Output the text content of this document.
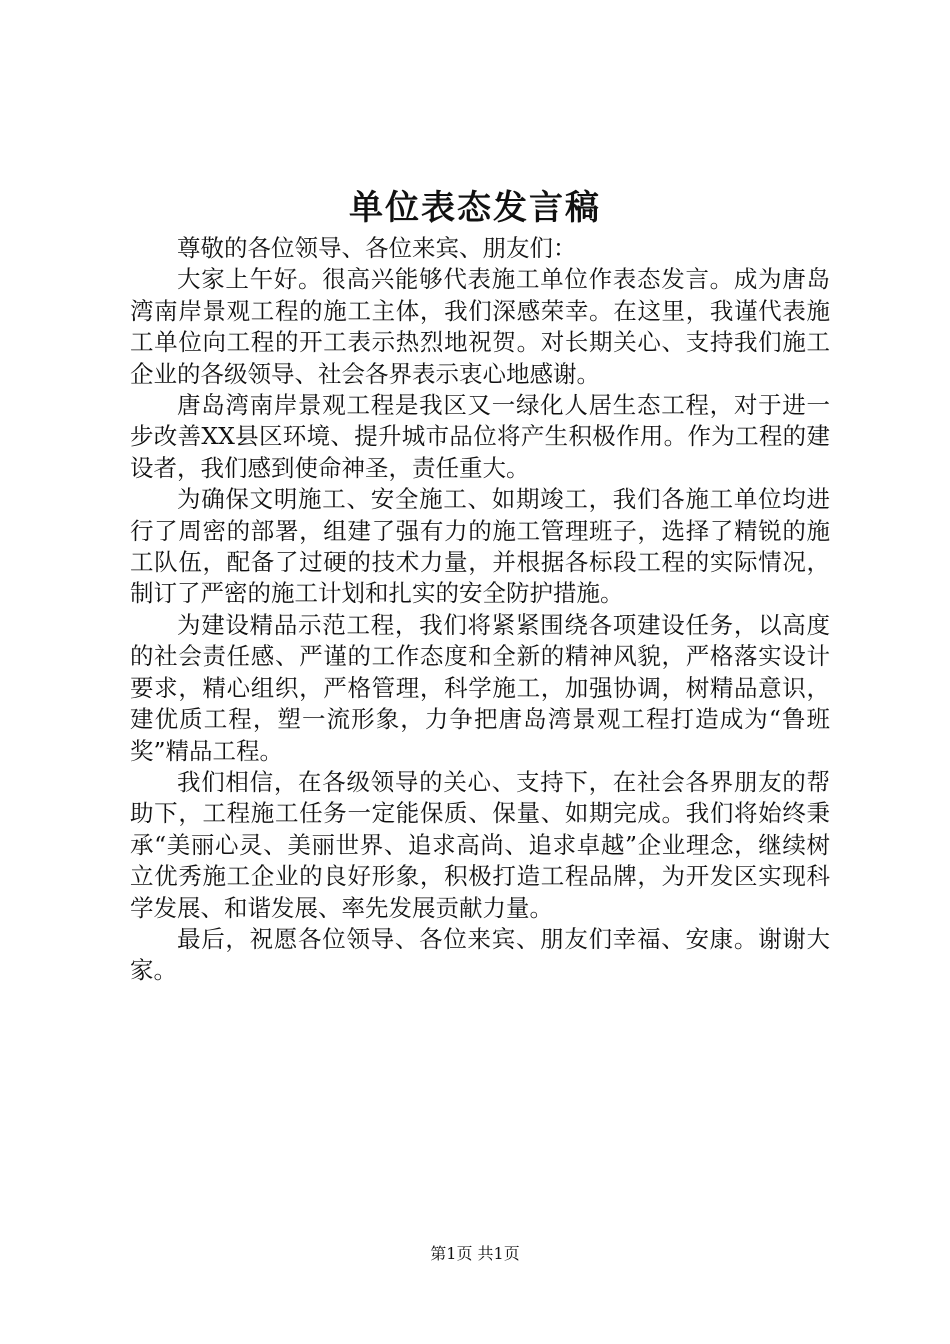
单位表态发言稿

尊敬的各位领导、各位来宾、朋友们：

大家上午好。很高兴能够代表施工单位作表态发言。成为唐岛湾南岸景观工程的施工主体，我们深感荣幸。在这里，我谨代表施工单位向工程的开工表示热烈地祝贺。对长期关心、支持我们施工企业的各级领导、社会各界表示衷心地感谢。

唐岛湾南岸景观工程是我区又一绿化人居生态工程，对于进一步改善XX县区环境、提升城市品位将产生积极作用。作为工程的建设者，我们感到使命神圣，责任重大。

为确保文明施工、安全施工、如期竣工，我们各施工单位均进行了周密的部署，组建了强有力的施工管理班子，选择了精锐的施工队伍，配备了过硬的技术力量，并根据各标段工程的实际情况，制订了严密的施工计划和扎实的安全防护措施。

为建设精品示范工程，我们将紧紧围绕各项建设任务，以高度的社会责任感、严谨的工作态度和全新的精神风貌，严格落实设计要求，精心组织，严格管理，科学施工，加强协调，树精品意识，建优质工程，塑一流形象，力争把唐岛湾景观工程打造成为“鲁班奖”精品工程。

我们相信，在各级领导的关心、支持下，在社会各界朋友的帮助下，工程施工任务一定能保质、保量、如期完成。我们将始终秉承“美丽心灵、美丽世界、追求高尚、追求卓越”企业理念，继续树立优秀施工企业的良好形象，积极打造工程品牌，为开发区实现科学发展、和谐发展、率先发展贡献力量。

最后，祝愿各位领导、各位来宾、朋友们幸福、安康。谢谢大家。

第1页 共1页
